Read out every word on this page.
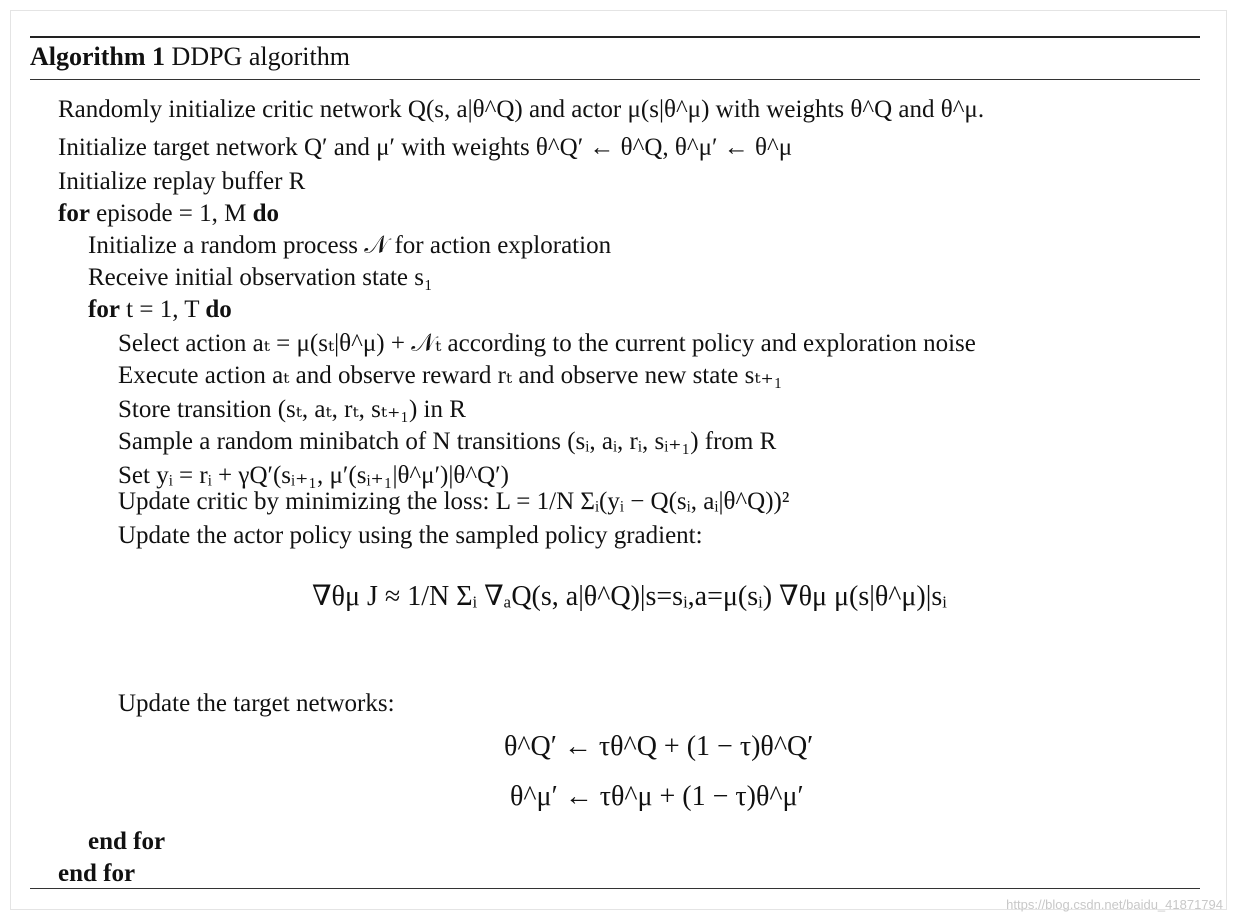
Algorithm 1 DDPG algorithm
Randomly initialize critic network Q(s, a|θ^Q) and actor μ(s|θ^μ) with weights θ^Q and θ^μ.
Initialize target network Q′ and μ′ with weights θ^Q′ ← θ^Q, θ^μ′ ← θ^μ
Initialize replay buffer R
for episode = 1, M do
Initialize a random process 𝒩 for action exploration
Receive initial observation state s₁
for t = 1, T do
Select action aₜ = μ(sₜ|θ^μ) + 𝒩ₜ according to the current policy and exploration noise
Execute action aₜ and observe reward rₜ and observe new state sₜ₊₁
Store transition (sₜ, aₜ, rₜ, sₜ₊₁) in R
Sample a random minibatch of N transitions (sᵢ, aᵢ, rᵢ, sᵢ₊₁) from R
Set yᵢ = rᵢ + γQ′(sᵢ₊₁, μ′(sᵢ₊₁|θ^μ′)|θ^Q′)
Update critic by minimizing the loss: L = 1/N Σᵢ(yᵢ − Q(sᵢ, aᵢ|θ^Q))²
Update the actor policy using the sampled policy gradient:
∇θμ J ≈ 1/N Σᵢ ∇ₐQ(s, a|θ^Q)|s=sᵢ,a=μ(sᵢ) ∇θμ μ(s|θ^μ)|sᵢ
Update the target networks:
θ^Q′ ← τθ^Q + (1 − τ)θ^Q′
θ^μ′ ← τθ^μ + (1 − τ)θ^μ′
end for
end for
https://blog.csdn.net/baidu_41871794
